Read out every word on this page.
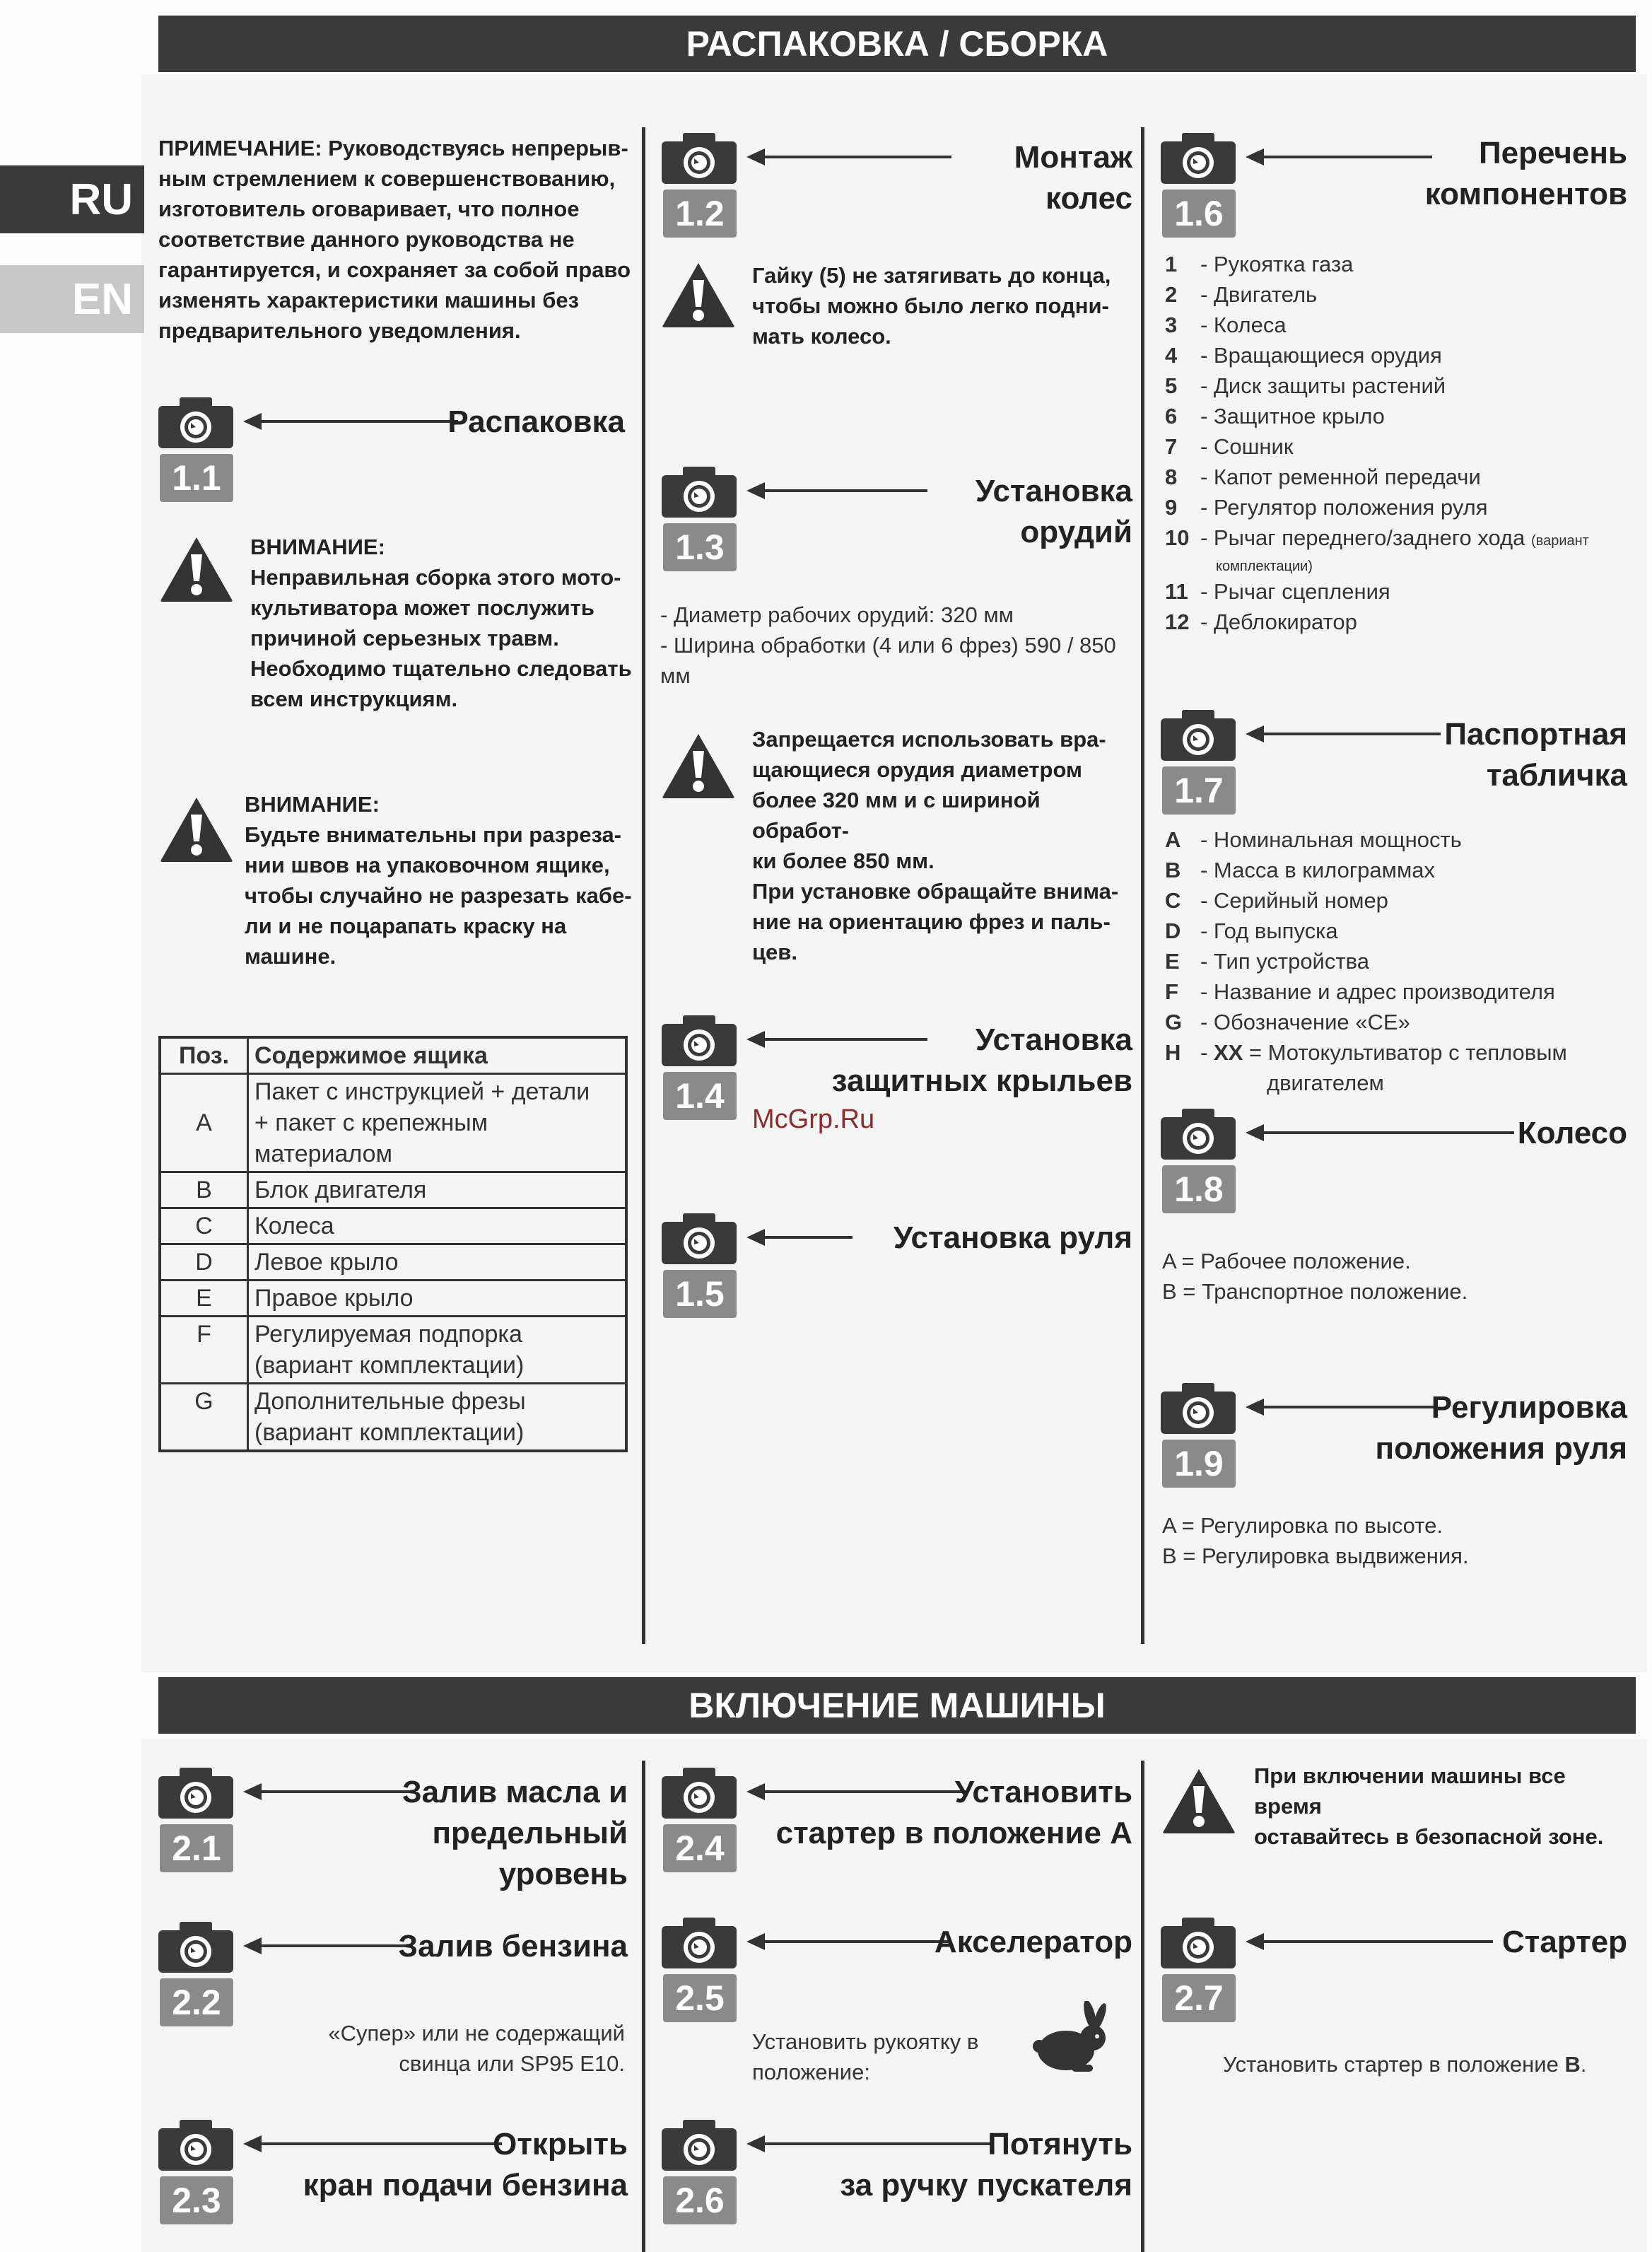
RU
EN
РАСПАКОВКА / СБОРКА
ВКЛЮЧЕНИЕ МАШИНЫ
ПРИМЕЧАНИЕ: Руководствуясь непрерыв-
ным стремлением к совершенствованию,
изготовитель оговаривает, что полное
соответствие данного руководства не
гарантируется, и сохраняет за собой право
изменять характеристики машины без
предварительного уведомления.
1.1
Распаковка
ВНИМАНИЕ:
Неправильная сборка этого мото-
культиватора может послужить
причиной серьезных травм.
Необходимо тщательно следовать
всем инструкциям.
ВНИМАНИЕ:
Будьте внимательны при разреза-
нии швов на упаковочном ящике,
чтобы случайно не разрезать кабе-
ли и не поцарапать краску на
машине.
Поз.	Содержимое ящика
A	Пакет с инструкцией + детали
+ пакет с крепежным материалом

B	Блок двигателя
C	Колеса
D	Левое крыло
E	Правое крыло
F	Регулируемая подпорка
(вариант комплектации)

G	Дополнительные фрезы
(вариант комплектации)
1.2
Монтаж
колес
Гайку (5) не затягивать до конца,
чтобы можно было легко подни-
мать колесо.
1.3
Установка
орудий
- Диаметр рабочих орудий: 320 мм
- Ширина обработки (4 или 6 фрез) 590 / 850 мм
Запрещается использовать вра-
щающиеся орудия диаметром
более 320 мм и с шириной обработ-
ки более 850 мм.
При установке обращайте внима-
ние на ориентацию фрез и паль-
цев.
1.4
Установка
защитных крыльев
McGrp.Ru
1.5
Установка руля
1.6
Перечень
компонентов
1 - Рукоятка газа
2 - Двигатель
3 - Колеса
4 - Вращающиеся орудия
5 - Диск защиты растений
6 - Защитное крыло
7 - Сошник
8 - Капот ременной передачи
9 - Регулятор положения руля
10 - Рычаг переднего/заднего хода (вариант
комплектации)
11 - Рычаг сцепления
12 - Деблокиратор
1.7
Паспортная
табличка
A - Номинальная мощность
B - Масса в килограммах
C - Серийный номер
D - Год выпуска
E - Тип устройства
F - Название и адрес производителя
G - Обозначение «CE»
H - XX = Мотокультиватор с тепловым
двигателем
1.8
Колесо
A = Рабочее положение.
B = Транспортное положение.
1.9
Регулировка
положения руля
A = Регулировка по высоте.
B = Регулировка выдвижения.
2.1
Залив масла и
предельный
уровень
2.2
Залив бензина
«Супер» или не содержащий
свинца или SP95 E10.
2.3
Открыть
кран подачи бензина
2.4
Установить
стартер в положение A
2.5
Акселератор
Установить рукоятку в
положение:
2.6
Потянуть
за ручку пускателя
При включении машины все время
оставайтесь в безопасной зоне.
2.7
Стартер
Установить стартер в положение B.
